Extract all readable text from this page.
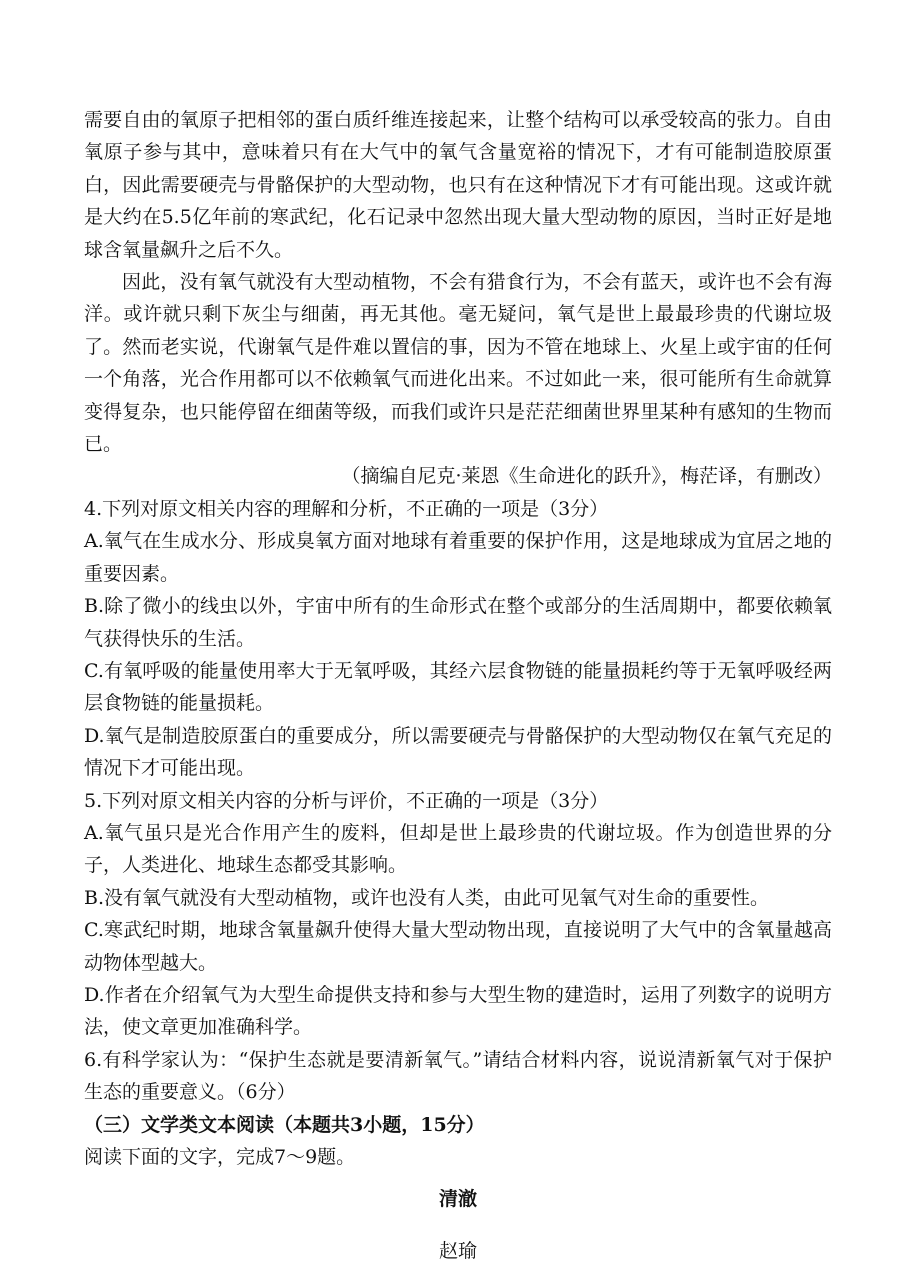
需要自由的氧原子把相邻的蛋白质纤维连接起来，让整个结构可以承受较高的张力。自由氧原子参与其中，意味着只有在大气中的氧气含量宽裕的情况下，才有可能制造胶原蛋白，因此需要硬壳与骨骼保护的大型动物，也只有在这种情况下才有可能出现。这或许就是大约在5.5亿年前的寒武纪，化石记录中忽然出现大量大型动物的原因，当时正好是地球含氧量飙升之后不久。

因此，没有氧气就没有大型动植物，不会有猎食行为，不会有蓝天，或许也不会有海洋。或许就只剩下灰尘与细菌，再无其他。毫无疑问，氧气是世上最最珍贵的代谢垃圾了。然而老实说，代谢氧气是件难以置信的事，因为不管在地球上、火星上或宇宙的任何一个角落，光合作用都可以不依赖氧气而进化出来。不过如此一来，很可能所有生命就算变得复杂，也只能停留在细菌等级，而我们或许只是茫茫细菌世界里某种有感知的生物而已。

（摘编自尼克·莱恩《生命进化的跃升》，梅茫译，有删改）

4.下列对原文相关内容的理解和分析，不正确的一项是（3分）

A.氧气在生成水分、形成臭氧方面对地球有着重要的保护作用，这是地球成为宜居之地的重要因素。

B.除了微小的线虫以外，宇宙中所有的生命形式在整个或部分的生活周期中，都要依赖氧气获得快乐的生活。

C.有氧呼吸的能量使用率大于无氧呼吸，其经六层食物链的能量损耗约等于无氧呼吸经两层食物链的能量损耗。

D.氧气是制造胶原蛋白的重要成分，所以需要硬壳与骨骼保护的大型动物仅在氧气充足的情况下才可能出现。

5.下列对原文相关内容的分析与评价，不正确的一项是（3分）

A.氧气虽只是光合作用产生的废料，但却是世上最珍贵的代谢垃圾。作为创造世界的分子，人类进化、地球生态都受其影响。

B.没有氧气就没有大型动植物，或许也没有人类，由此可见氧气对生命的重要性。

C.寒武纪时期，地球含氧量飙升使得大量大型动物出现，直接说明了大气中的含氧量越高动物体型越大。

D.作者在介绍氧气为大型生命提供支持和参与大型生物的建造时，运用了列数字的说明方法，使文章更加准确科学。

6.有科学家认为：“保护生态就是要清新氧气。”请结合材料内容，说说清新氧气对于保护生态的重要意义。（6分）

（三）文学类文本阅读（本题共3小题，15分）

阅读下面的文字，完成7～9题。

清澈

赵瑜
